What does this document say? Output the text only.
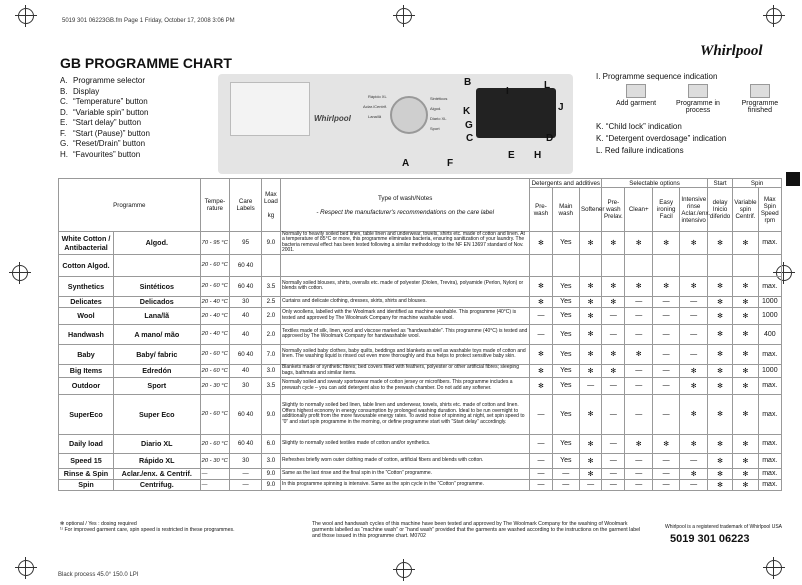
5019 301 06223GB.fm Page 1 Friday, October 17, 2008 3:06 PM
GB PROGRAMME CHART
Whirlpool
A. Programme selector
B. Display
C. “Temperature” button
D. “Variable spin” button
E. “Start delay” button
F. “Start (Pause)” button
G. “Reset/Drain” button
H. “Favourites” button
Whirlpool
Rápido XL
Aclar./Centrif.
Lana/lã
Sintéticos
Algod.
Diario XL
Sport
B
I
L
J
K
G
C	D
E H
A	F
I. Programme sequence indication
Add garment	Programme in process
Programme finished
K. “Child lock” indication
K. “Detergent overdosage” indication
L. Red failure indications
Programme		Tempe-rature	Care Labels	Max Load

kg	Type of wash/Notes

- Respect the manufacturer's recommendations on the care label	Detergents and additives			Selectable options				Start	Spin	
						Pre-wash	Main wash	Softener	Pre-wash Prelav.	Clean+	Easy ironing Facil	Intensive rinse Aclar./enx. intensivo	delay Inicio diferido	Variable spin Centrif.	Max Spin Speed rpm
White Cotton / Antibacterial	Algod.	70 - 95 °C	95	9.0	Normally to heavily soiled bed linen, table linen and underwear, towels, shirts etc. made of cotton and linen. At a temperature of 85°C or more, this programme eliminates bacteria, ensuring sanitization of your laundry. The bacteria removal effect has been tested following a similar methodology to the NF EN 13697 standard of Nov. 2001.	✻	Yes	✻	✻	✻	✻	✻	✻	✻	max.
Cotton Algod.		20 - 60 °C	60 40												
Synthetics	Sintéticos	20 - 60 °C	60 40	3.5	Normally soiled blouses, shirts, overalls etc. made of polyester (Diolen, Trevira), polyamide (Perlon, Nylon) or blends with cotton.	✻	Yes	✻	✻	✻	✻	✻	✻	✻	max.
Delicates	Delicados	20 - 40 °C	30	2.5	Curtains and delicate clothing, dresses, skirts, shirts and blouses.	✻	Yes	✻	✻	—	—	—	✻	✻	1000
Wool	Lana/lã	20 - 40 °C	40	2.0	Only woollens, labelled with the Woolmark and identified as machine washable. This programme (40°C) is tested and approved by The Woolmark Company for machine washable wool.	—	Yes	✻	—	—	—	—	✻	✻	1000
Handwash	A mano/ mão	20 - 40 °C	40	2.0	Textiles made of silk, linen, wool and viscose marked as “handwashable”. This programme (40°C) is tested and approved by The Woolmark Company for handwashable wool.	—	Yes	✻	—	—	—	—	✻	✻	400
Baby	Baby/ fabric	20 - 60 °C	60 40	7.0	Normally soiled baby clothes, baby quilts, beddings and blankets as well as washable toys made of cotton and linen. The washing liquid is rinsed out even more thoroughly and thus helps to protect sensitive baby skin.	✻	Yes	✻	✻	✻	—	—	✻	✻	max.
Big Items	Edredón	20 - 60 °C	40	3.0	Blankets made of synthetic fibres; bed covers filled with feathers, polyester or other artificial fibres; sleeping bags, bathmats and similar items.	✻	Yes	✻	✻	—	—	✻	✻	✻	1000
Outdoor	Sport	20 - 30 °C	30	3.5	Normally soiled and sweaty sportswear made of cotton jersey or microfibers. This programme includes a prewash cycle – you can add detergent also to the prewash chamber. Do not add any softener.	✻	Yes	—	—	—	—	✻	✻	✻	max.
SuperEco	Super Eco	20 - 60 °C	60 40	9.0	Slightly to normally soiled bed linen, table linen and underwear, towels, shirts etc. made of cotton and linen. Offers highest economy in energy consumption by prolonged washing duration. Ideal to be run overnight to additionally profit from the more favourable energy rates. To avoid noise of spinning at night, set spin speed to “0” and start spin programme in the morning, or define programme start with “Start delay” accordingly.	—	Yes	✻	—	—	—	✻	✻	✻	max.
Daily load	Diario XL	20 - 60 °C	60 40	6.0	Slightly to normally soiled textiles made of cotton and/or synthetics.	—	Yes	✻	—	✻	✻	✻	✻	✻	max.
Speed 15	Rápido XL	20 - 30 °C	30	3.0	Refreshes briefly worn outer clothing made of cotton, artificial fibers and blends with cotton.	—	Yes	✻	—	—	—	—	✻	✻	max.
Rinse & Spin	Aclar./enx. & Centrif.	—	—	9.0	Same as the last rinse and the final spin in the “Cotton” programme.	—	—	✻	—	—	—	✻	✻	✻	max.
Spin	Centrifug.	—	—	9.0	In this programme spinning is intensive. Same as the spin cycle in the “Cotton” programme.	—	—	—	—	—	—	—	✻	✻	max.
✻ optional / Yes : dosing required
¹⁾ For improved garment care, spin speed is restricted in these programmes.
The wool and handwash cycles of this machine have been tested and approved by The Woolmark Company for the washing of Woolmark garments labelled as “machine wash” or “hand wash” provided that the garments are washed according to the instructions on the garment label and those issued in this programme chart. M0702
Whirlpool is a registered trademark of Whirlpool USA
5019 301 06223
Black process 45.0° 150.0 LPI
